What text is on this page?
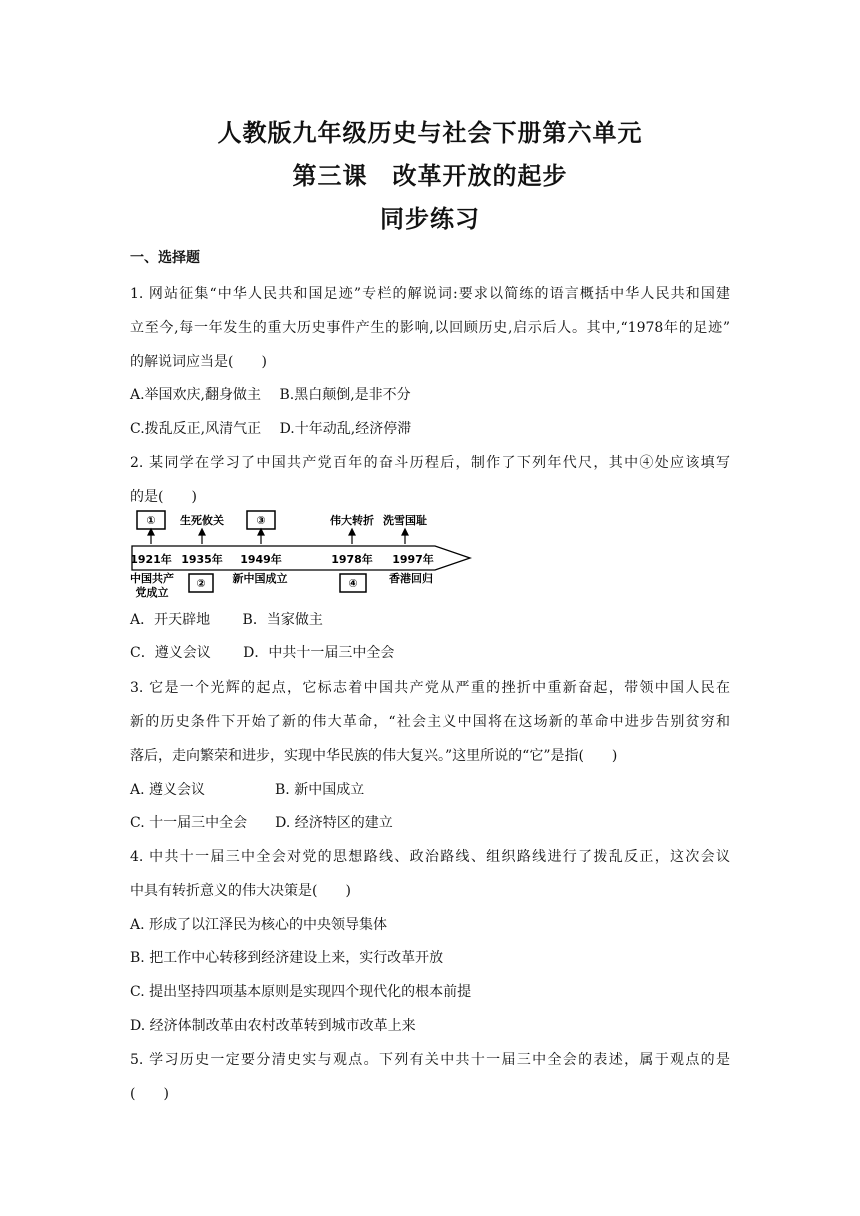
人教版九年级历史与社会下册第六单元
第三课　改革开放的起步
同步练习
一、选择题
1. 网站征集“中华人民共和国足迹”专栏的解说词:要求以简练的语言概括中华人民共和国建
立至今,每一年发生的重大历史事件产生的影响,以回顾历史,启示后人。其中,“1978年的足迹”
的解说词应当是(　　)
A.举国欢庆,翻身做主　 B.黑白颠倒,是非不分
C.拨乱反正,风清气正　 D.十年动乱,经济停滞
2. 某同学在学习了中国共产党百年的奋斗历程后，制作了下列年代尺，其中④处应该填写
的是(　　)
① 生死攸关	③	伟大转折 洗雪国耻
1921年 1935年 1949年	1978年 1997年
中国共产
党成立
② 新中国成立	④	香港回归
A．开天辟地　　 B．当家做主
C．遵义会议　　 D．中共十一届三中全会
3. 它是一个光辉的起点，它标志着中国共产党从严重的挫折中重新奋起，带领中国人民在
新的历史条件下开始了新的伟大革命，“社会主义中国将在这场新的革命中进步告别贫穷和
落后，走向繁荣和进步，实现中华民族的伟大复兴。”这里所说的“它”是指(　　)
A. 遵义会议　　　　　B. 新中国成立
C. 十一届三中全会　　D. 经济特区的建立
4. 中共十一届三中全会对党的思想路线、政治路线、组织路线进行了拨乱反正，这次会议
中具有转折意义的伟大决策是(　　)
A. 形成了以江泽民为核心的中央领导集体
B. 把工作中心转移到经济建设上来，实行改革开放
C. 提出坚持四项基本原则是实现四个现代化的根本前提
D. 经济体制改革由农村改革转到城市改革上来
5. 学习历史一定要分清史实与观点。下列有关中共十一届三中全会的表述，属于观点的是
(　　)
